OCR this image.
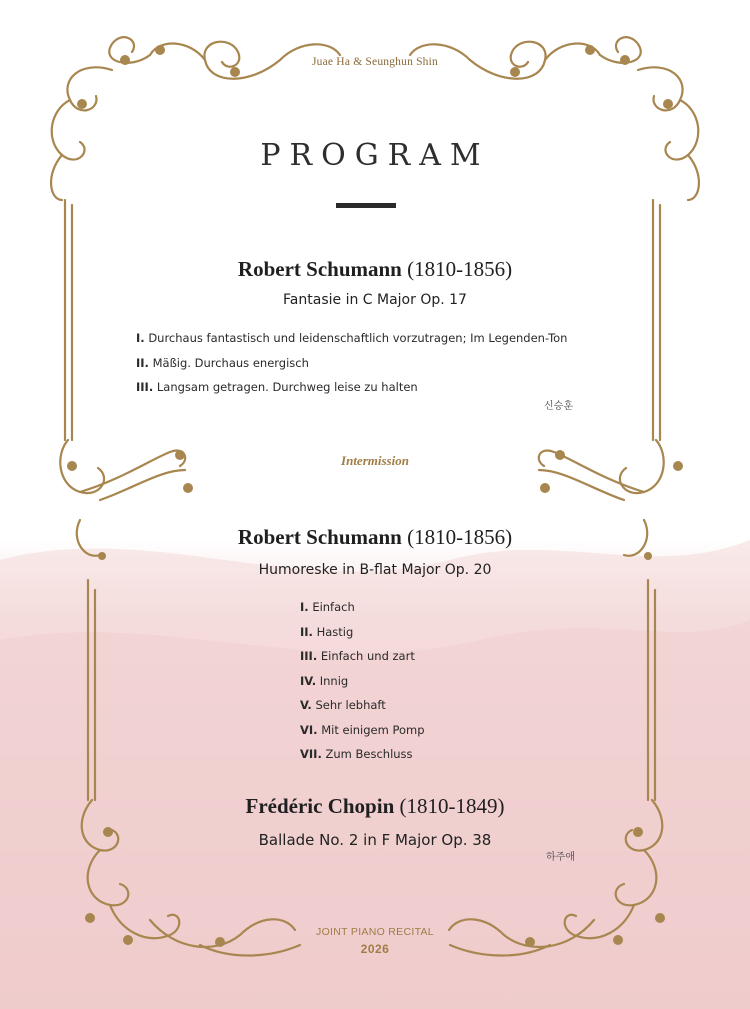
Juae Ha & Seunghun Shin
PROGRAM
Robert Schumann (1810-1856)
Fantasie in C Major Op. 17
I. Durchaus fantastisch und leidenschaftlich vorzutragen; Im Legenden-Ton
II. Mäßig. Durchaus energisch
III. Langsam getragen. Durchweg leise zu halten
신승훈
Intermission
Robert Schumann (1810-1856)
Humoreske in B-flat Major Op. 20
I. Einfach
II. Hastig
III. Einfach und zart
IV. Innig
V. Sehr lebhaft
VI. Mit einigem Pomp
VII. Zum Beschluss
Frédéric Chopin (1810-1849)
Ballade No. 2 in F Major Op. 38
하주애
JOINT PIANO RECITAL
2026
